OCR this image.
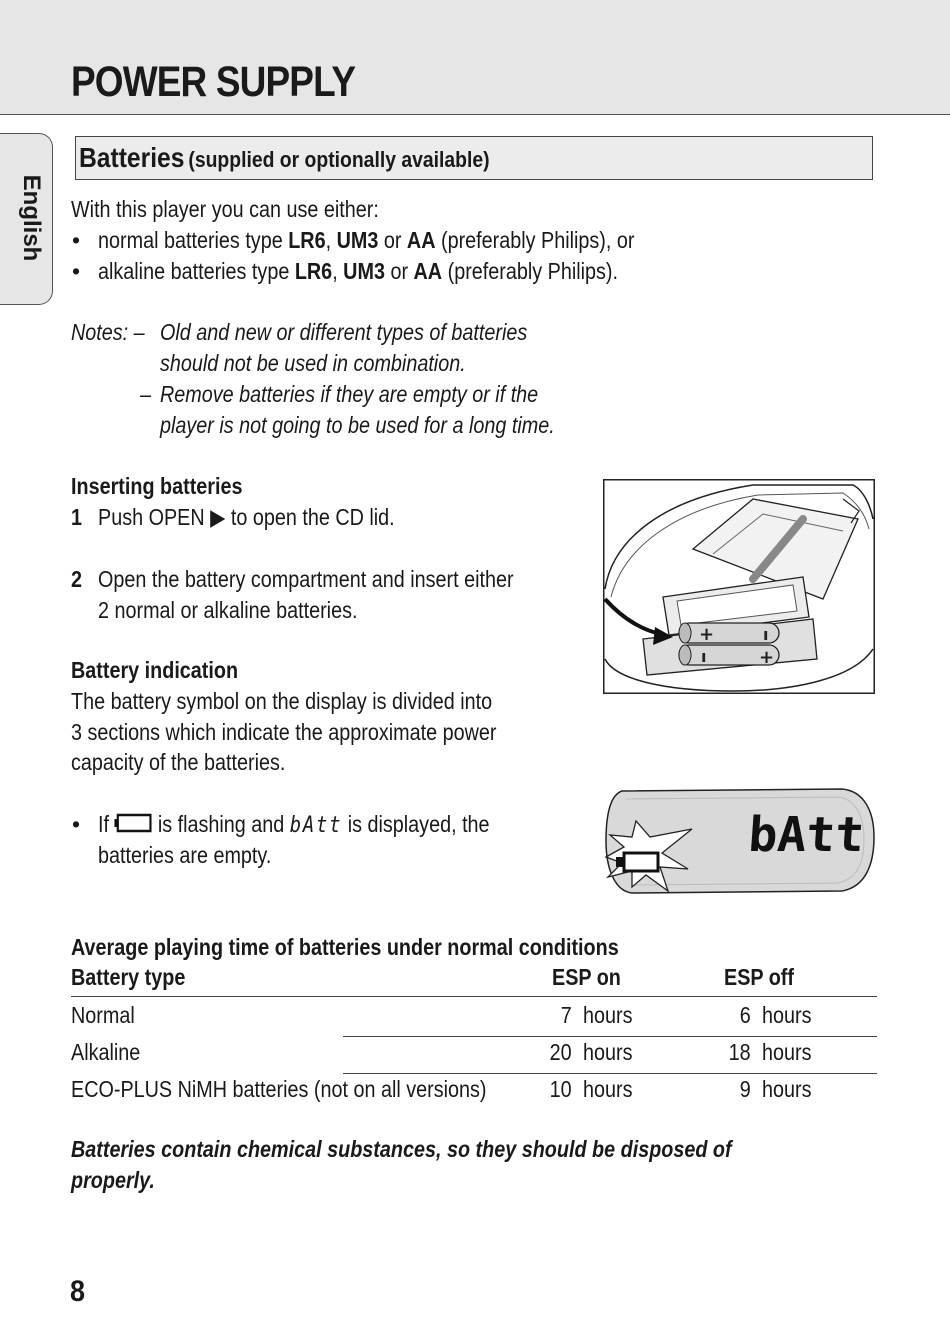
POWER SUPPLY
English
Batteries (supplied or optionally available)
With this player you can use either:
• normal batteries type LR6, UM3 or AA (preferably Philips), or
• alkaline batteries type LR6, UM3 or AA (preferably Philips).
Notes: – Old and new or different types of batteries
should not be used in combination.
– Remove batteries if they are empty or if the
player is not going to be used for a long time.
Inserting batteries
1 Push OPEN ▶ to open the CD lid.
2 Open the battery compartment and insert either
2 normal or alkaline batteries.
+	ı
ı	+
Battery indication
The battery symbol on the display is divided into
3 sections which indicate the approximate power
capacity of the batteries.
• If  is flashing and bAtt is displayed, the
batteries are empty.	bAtt
Average playing time of batteries under normal conditions
Battery type	ESP on	ESP off
Normal	7 hours	6 hours
Alkaline	20 hours	18 hours
ECO-PLUS NiMH batteries (not on all versions)	10 hours	9 hours
Batteries contain chemical substances, so they should be disposed of
properly.
8
